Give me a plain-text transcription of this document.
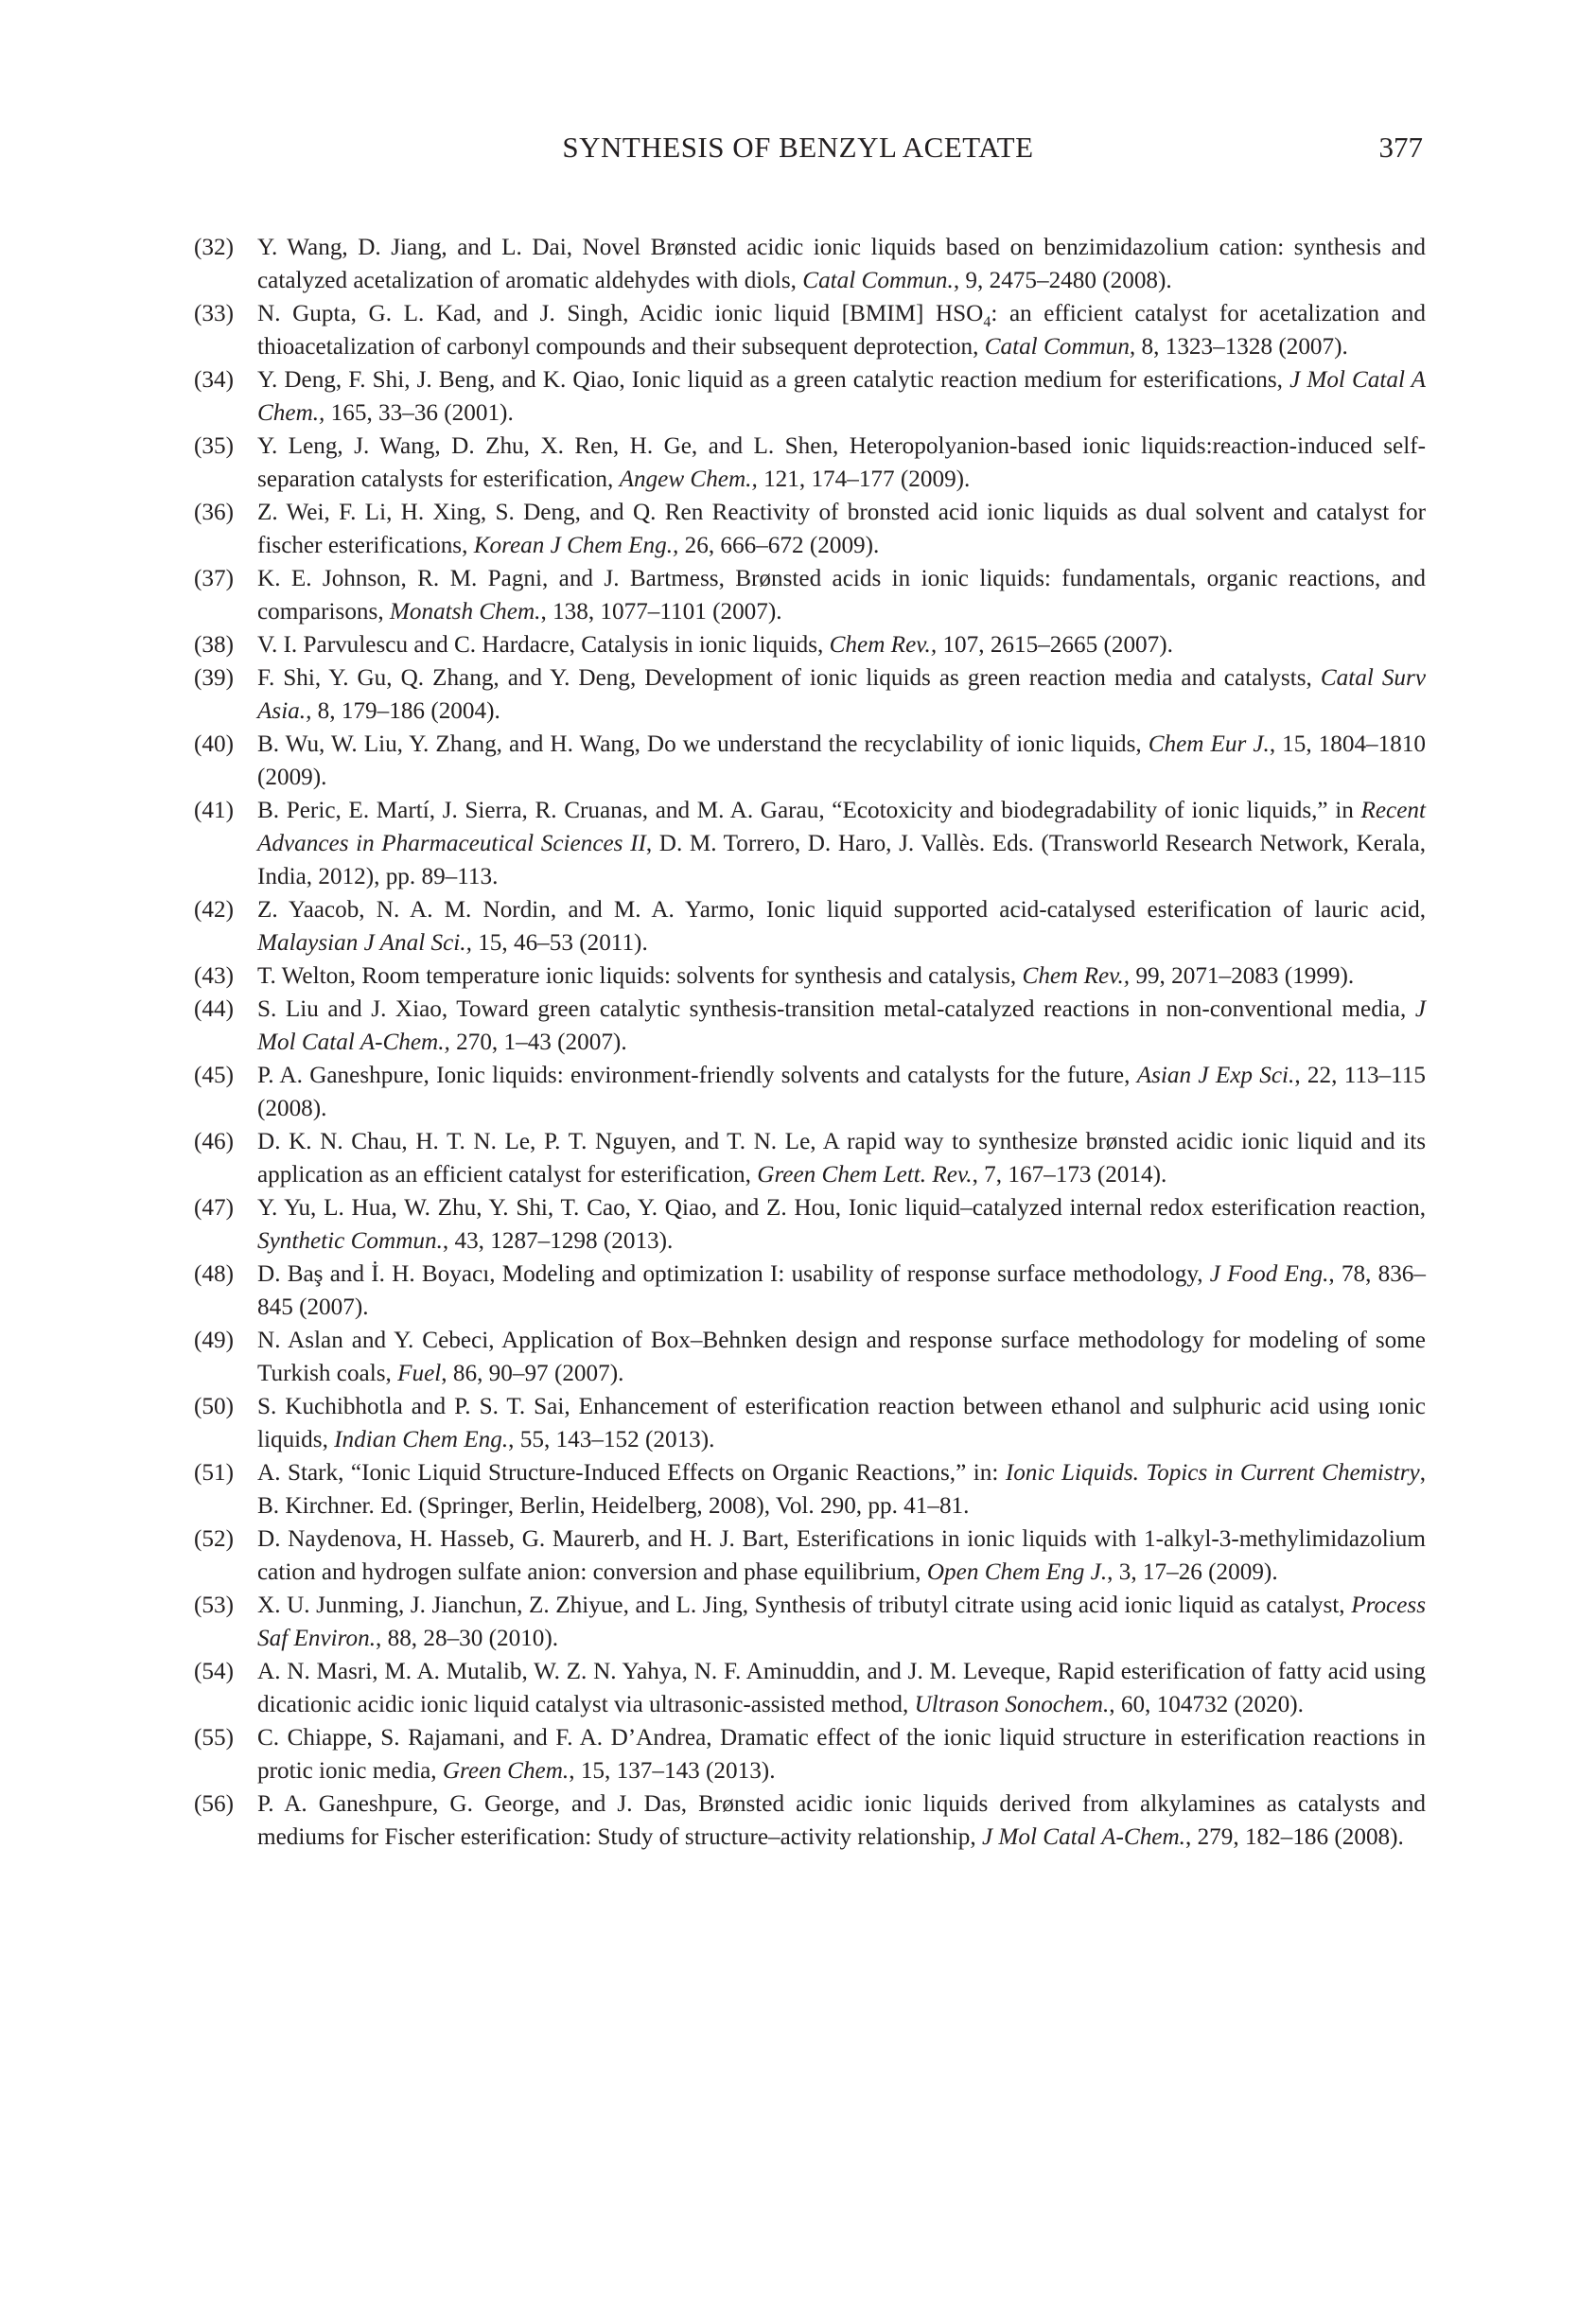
SYNTHESIS OF BENZYL ACETATE	377
(32) Y. Wang, D. Jiang, and L. Dai, Novel Brønsted acidic ionic liquids based on benzimidazolium cation: synthesis and catalyzed acetalization of aromatic aldehydes with diols, Catal Commun., 9, 2475–2480 (2008).
(33) N. Gupta, G. L. Kad, and J. Singh, Acidic ionic liquid [BMIM] $HSO_4$: an efficient catalyst for acetalization and thioacetalization of carbonyl compounds and their subsequent deprotection, Catal Commun, 8, 1323–1328 (2007).
(34) Y. Deng, F. Shi, J. Beng, and K. Qiao, Ionic liquid as a green catalytic reaction medium for esterifications, J Mol Catal A Chem., 165, 33–36 (2001).
(35) Y. Leng, J. Wang, D. Zhu, X. Ren, H. Ge, and L. Shen, Heteropolyanion-based ionic liquids:reaction-induced self-separation catalysts for esterification, Angew Chem., 121, 174–177 (2009).
(36) Z. Wei, F. Li, H. Xing, S. Deng, and Q. Ren Reactivity of bronsted acid ionic liquids as dual solvent and catalyst for fischer esterifications, Korean J Chem Eng., 26, 666–672 (2009).
(37) K. E. Johnson, R. M. Pagni, and J. Bartmess, Brønsted acids in ionic liquids: fundamentals, organic reactions, and comparisons, Monatsh Chem., 138, 1077–1101 (2007).
(38) V. I. Parvulescu and C. Hardacre, Catalysis in ionic liquids, Chem Rev., 107, 2615–2665 (2007).
(39) F. Shi, Y. Gu, Q. Zhang, and Y. Deng, Development of ionic liquids as green reaction media and catalysts, Catal Surv Asia., 8, 179–186 (2004).
(40) B. Wu, W. Liu, Y. Zhang, and H. Wang, Do we understand the recyclability of ionic liquids, Chem Eur J., 15, 1804–1810 (2009).
(41) B. Peric, E. Martí, J. Sierra, R. Cruanas, and M. A. Garau, “Ecotoxicity and biodegradability of ionic liquids,” in Recent Advances in Pharmaceutical Sciences II, D. M. Torrero, D. Haro, J. Vallès. Eds. (Transworld Research Network, Kerala, India, 2012), pp. 89–113.
(42) Z. Yaacob, N. A. M. Nordin, and M. A. Yarmo, Ionic liquid supported acid-catalysed esterification of lauric acid, Malaysian J Anal Sci., 15, 46–53 (2011).
(43) T. Welton, Room temperature ionic liquids: solvents for synthesis and catalysis, Chem Rev., 99, 2071–2083 (1999).
(44) S. Liu and J. Xiao, Toward green catalytic synthesis-transition metal-catalyzed reactions in non-conventional media, J Mol Catal A-Chem., 270, 1–43 (2007).
(45) P. A. Ganeshpure, Ionic liquids: environment-friendly solvents and catalysts for the future, Asian J Exp Sci., 22, 113–115 (2008).
(46) D. K. N. Chau, H. T. N. Le, P. T. Nguyen, and T. N. Le, A rapid way to synthesize brønsted acidic ionic liquid and its application as an efficient catalyst for esterification, Green Chem Lett. Rev., 7, 167–173 (2014).
(47) Y. Yu, L. Hua, W. Zhu, Y. Shi, T. Cao, Y. Qiao, and Z. Hou, Ionic liquid–catalyzed internal redox esterification reaction, Synthetic Commun., 43, 1287–1298 (2013).
(48) D. Baş and İ. H. Boyacı, Modeling and optimization I: usability of response surface methodology, J Food Eng., 78, 836–845 (2007).
(49) N. Aslan and Y. Cebeci, Application of Box–Behnken design and response surface methodology for modeling of some Turkish coals, Fuel, 86, 90–97 (2007).
(50) S. Kuchibhotla and P. S. T. Sai, Enhancement of esterification reaction between ethanol and sulphuric acid using ıonic liquids, Indian Chem Eng., 55, 143–152 (2013).
(51) A. Stark, “Ionic Liquid Structure-Induced Effects on Organic Reactions,” in: Ionic Liquids. Topics in Current Chemistry, B. Kirchner. Ed. (Springer, Berlin, Heidelberg, 2008), Vol. 290, pp. 41–81.
(52) D. Naydenova, H. Hasseb, G. Maurerb, and H. J. Bart, Esterifications in ionic liquids with 1-alkyl-3-methylimidazolium cation and hydrogen sulfate anion: conversion and phase equilibrium, Open Chem Eng J., 3, 17–26 (2009).
(53) X. U. Junming, J. Jianchun, Z. Zhiyue, and L. Jing, Synthesis of tributyl citrate using acid ionic liquid as catalyst, Process Saf Environ., 88, 28–30 (2010).
(54) A. N. Masri, M. A. Mutalib, W. Z. N. Yahya, N. F. Aminuddin, and J. M. Leveque, Rapid esterification of fatty acid using dicationic acidic ionic liquid catalyst via ultrasonic-assisted method, Ultrason Sonochem., 60, 104732 (2020).
(55) C. Chiappe, S. Rajamani, and F. A. D’Andrea, Dramatic effect of the ionic liquid structure in esterification reactions in protic ionic media, Green Chem., 15, 137–143 (2013).
(56) P. A. Ganeshpure, G. George, and J. Das, Brønsted acidic ionic liquids derived from alkylamines as catalysts and mediums for Fischer esterification: Study of structure–activity relationship, J Mol Catal A-Chem., 279, 182–186 (2008).
